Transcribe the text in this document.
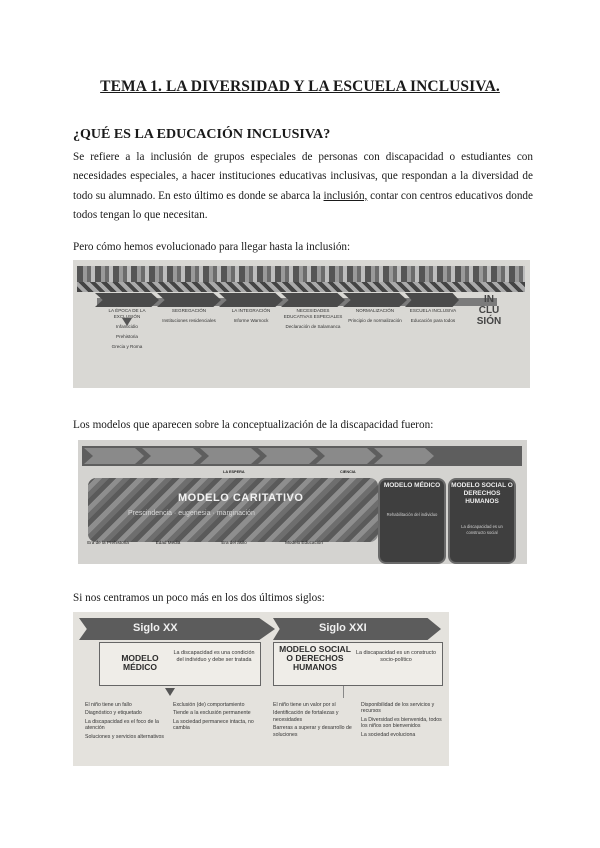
TEMA 1. LA DIVERSIDAD Y LA ESCUELA INCLUSIVA.
¿QUÉ ES LA EDUCACIÓN INCLUSIVA?
Se refiere a la inclusión de grupos especiales de personas con discapacidad o estudiantes con necesidades especiales, a hacer instituciones educativas inclusivas, que respondan a la diversidad de todo su alumnado. En esto último es donde se abarca la inclusión, contar con centros educativos donde todos tengan lo que necesitan.
Pero cómo hemos evolucionado para llegar hasta la inclusión:
LA ÉPOCA DE LA EXCLUSIÓN
Infanticidio
Prehistoria
Grecia y Roma
SEGREGACIÓN
Instituciones residenciales
LA INTEGRACIÓN
Informe Warnock
NECESIDADES EDUCATIVAS ESPECIALES
Declaración de Salamanca
NORMALIZACIÓN
Principio de normalización
ESCUELA INCLUSIVA
Educación para todos
IN
CLU
SIÓN
Los modelos que aparecen sobre la conceptualización de la discapacidad fueron:
LA ESPERA	CIENCIA
MODELO CARITATIVO
Prescindencia · eugenesia · marginación
Era de la Prehistoria	Edad Media	Era del asilo	Modelo Educación
MODELO MÉDICO
Rehabilitación del individuo
MODELO SOCIAL O DERECHOS HUMANOS
La discapacidad es un constructo social
Si nos centramos un poco más en los dos últimos siglos:
Siglo XX	Siglo XXI
MODELO MÉDICO
La discapacidad es una condición del individuo y debe ser tratada
MODELO SOCIAL O DERECHOS HUMANOS
La discapacidad es un constructo socio-político
El niño tiene un fallo
Diagnóstico y etiquetado
La discapacidad es el foco de la atención
Soluciones y servicios alternativos
Exclusión (de) comportamiento
Tiende a la exclusión permanente
La sociedad permanece intacta, no cambia
El niño tiene un valor por sí
Identificación de fortalezas y necesidades
Barreras a superar y desarrollo de soluciones
Disponibilidad de los servicios y recursos
La Diversidad es bienvenida, todos los niños son bienvenidos
La sociedad evoluciona
